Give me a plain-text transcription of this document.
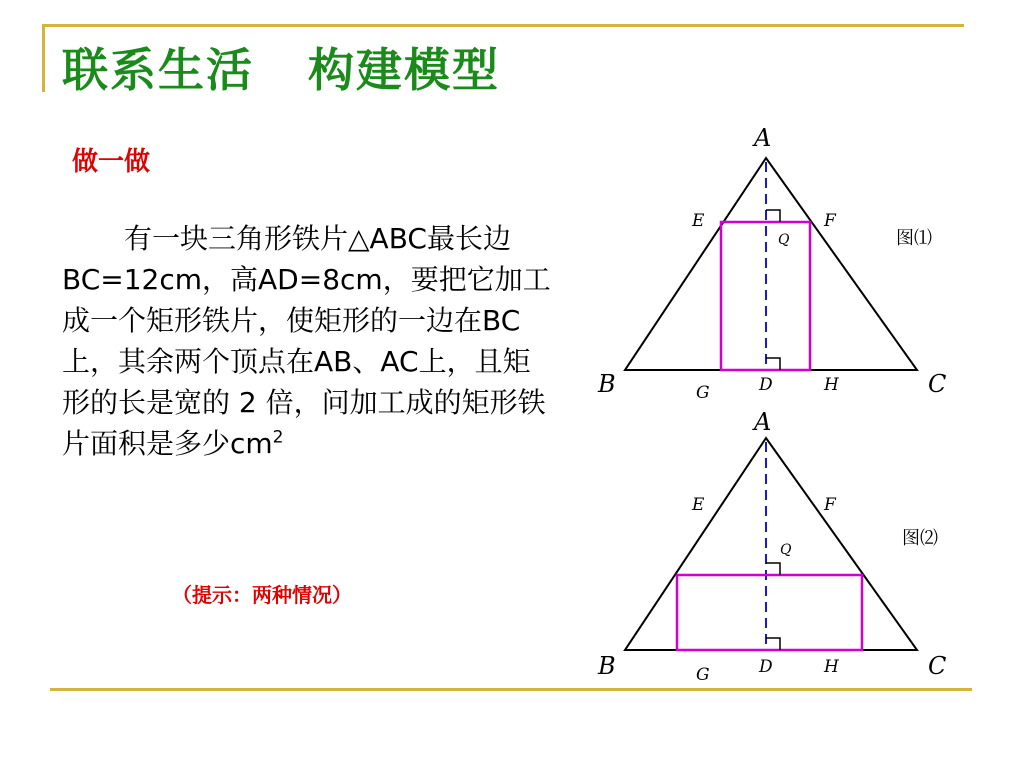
联系生活   构建模型

做一做

有一块三角形铁片△ABC最长边BC=12cm，高AD=8cm，要把它加工成一个矩形铁片，使矩形的一边在BC上，其余两个顶点在AB、AC上，且矩形的长是宽的 2 倍，问加工成的矩形铁片面积是多少$cm^2$

（提示：两种情况）

A
B	C
D
E	F
G	H
Q	图⑴
A
B	C
D
E	F
G	H
Q
图⑵
